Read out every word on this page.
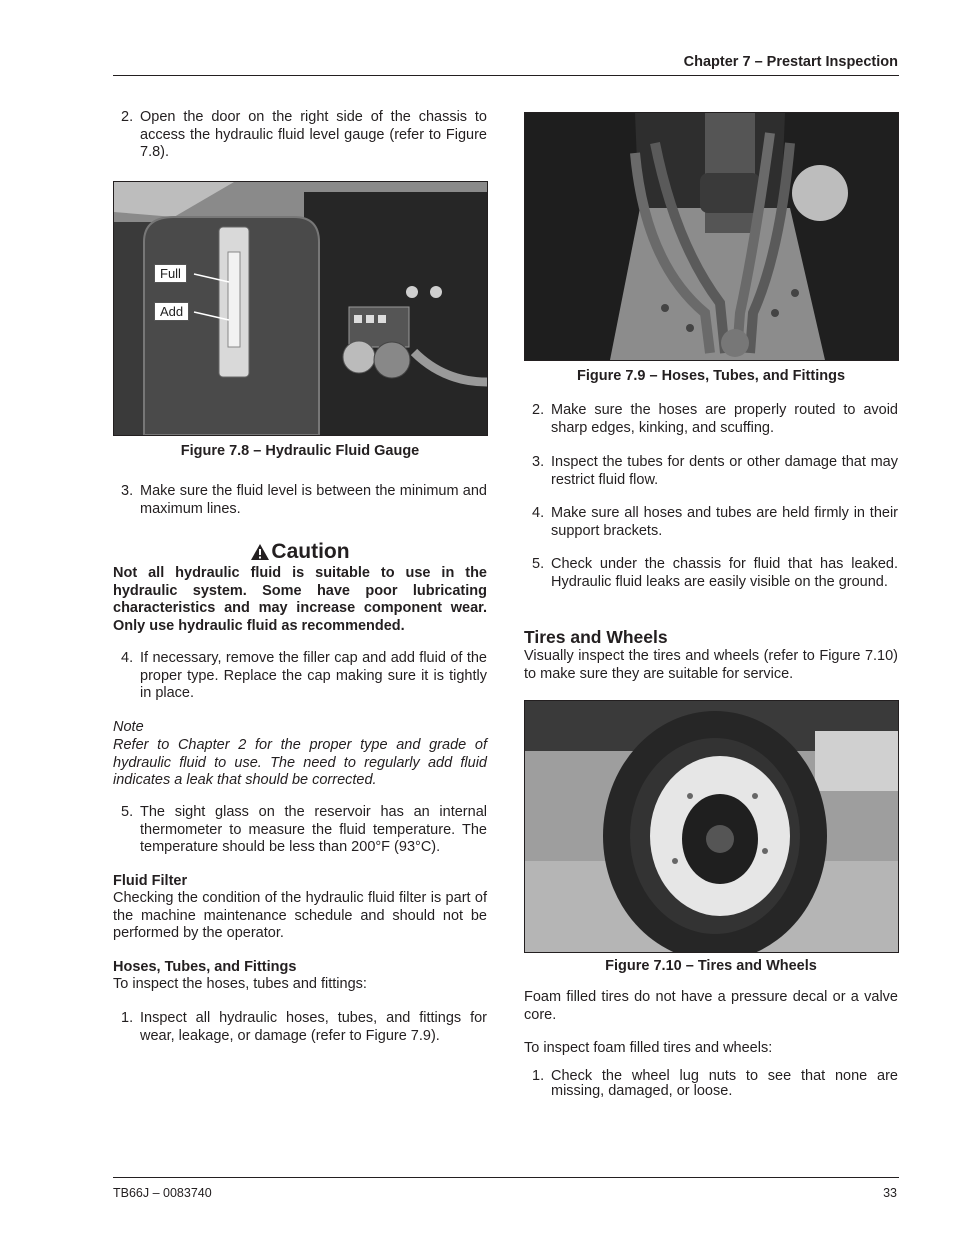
Chapter 7 – Prestart Inspection
2. Open the door on the right side of the chassis to access the hydraulic fluid level gauge (refer to Figure 7.8).
Full
Add
Figure 7.8 – Hydraulic Fluid Gauge
3. Make sure the fluid level is between the minimum and maximum lines.
Caution
Not all hydraulic fluid is suitable to use in the hydraulic system. Some have poor lubricating characteristics and may increase component wear. Only use hydraulic fluid as recommended.
4. If necessary, remove the filler cap and add fluid of the proper type. Replace the cap making sure it is tightly in place.
Note
Refer to Chapter 2 for the proper type and grade of hydraulic fluid to use. The need to regularly add fluid indicates a leak that should be corrected.
5. The sight glass on the reservoir has an internal thermometer to measure the fluid temperature. The temperature should be less than 200°F (93°C).
Fluid Filter
Checking the condition of the hydraulic fluid filter is part of the machine maintenance schedule and should not be performed by the operator.
Hoses, Tubes, and Fittings
To inspect the hoses, tubes and fittings:
1. Inspect all hydraulic hoses, tubes, and fittings for wear, leakage, or damage (refer to Figure 7.9).
Figure 7.9 – Hoses, Tubes, and Fittings
2. Make sure the hoses are properly routed to avoid sharp edges, kinking, and scuffing.
3. Inspect the tubes for dents or other damage that may restrict fluid flow.
4. Make sure all hoses and tubes are held firmly in their support brackets.
5. Check under the chassis for fluid that has leaked. Hydraulic fluid leaks are easily visible on the ground.
Tires and Wheels
Visually inspect the tires and wheels (refer to Figure 7.10) to make sure they are suitable for service.
Figure 7.10 – Tires and Wheels
Foam filled tires do not have a pressure decal or a valve core.
To inspect foam filled tires and wheels:
1. Check the wheel lug nuts to see that none are missing, damaged, or loose.
TB66J – 0083740	33
